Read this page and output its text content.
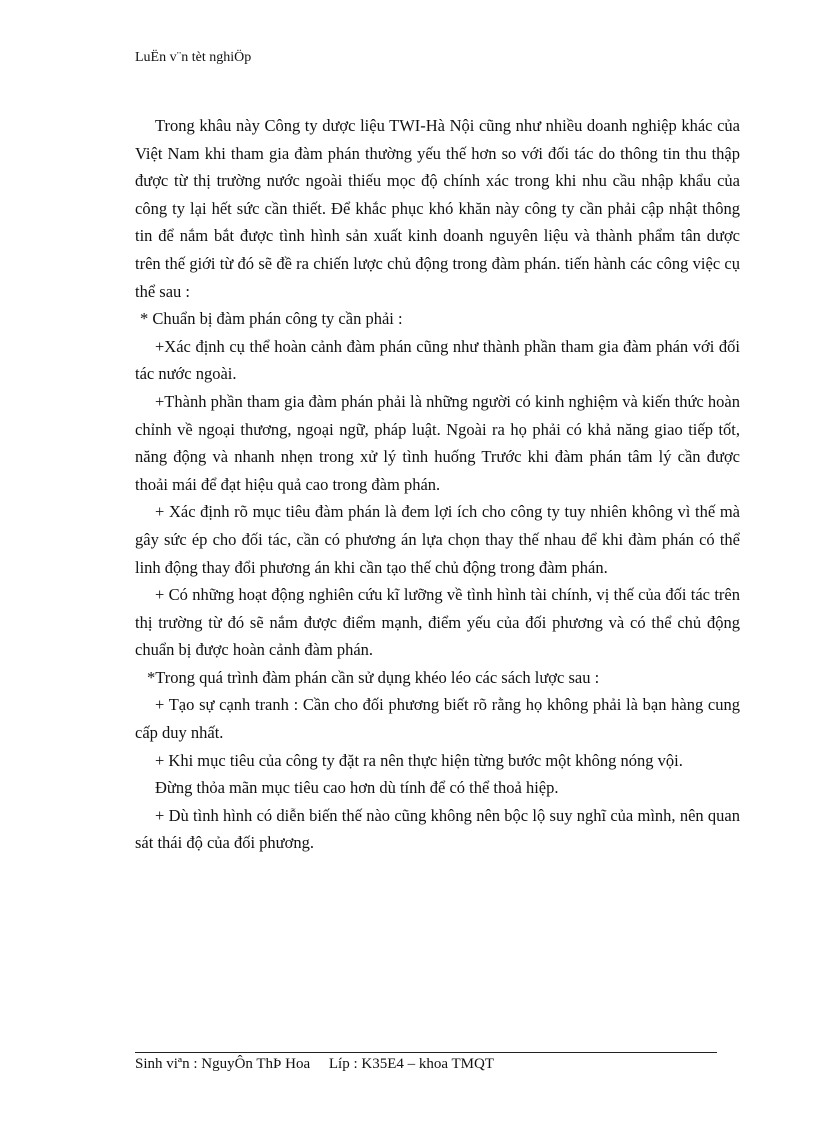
LuËn v¨n tèt nghiÖp

Trong khâu này Công ty dược liệu TWI-Hà Nội cũng như nhiều doanh nghiệp khác của Việt Nam khi tham gia đàm phán thường yếu thế hơn so với đối tác do thông tin thu thập được từ thị trường nước ngoài thiếu mọc độ chính xác trong khi nhu cầu nhập khẩu của công ty lại hết sức cần thiết. Để khắc phục khó khăn này công ty cần phải cập nhật thông tin để nắm bắt được tình hình sản xuất kinh doanh nguyên liệu và thành phẩm tân dược trên thế giới từ đó sẽ đề ra chiến lược chủ động trong đàm phán. tiến hành các công việc cụ thể sau :

* Chuẩn bị đàm phán công ty cần phải :

+Xác định cụ thể hoàn cảnh đàm phán cũng như thành phần tham gia đàm phán với đối tác nước ngoài.

+Thành phần tham gia đàm phán phải là những người có kinh nghiệm và kiến thức hoàn chỉnh về ngoại thương, ngoại ngữ, pháp luật. Ngoài ra họ phải có khả năng giao tiếp tốt, năng động và nhanh nhẹn trong xử lý tình huống Trước khi đàm phán tâm lý cần được thoải mái để đạt hiệu quả cao trong đàm phán.

+ Xác định rõ mục tiêu đàm phán là đem lợi ích cho công ty tuy nhiên không vì thế mà gây sức ép cho đối tác, cần có phương án lựa chọn thay thế nhau để khi đàm phán có thể linh động thay đổi phương án khi cần tạo thế chủ động trong đàm phán.

+ Có những hoạt động nghiên cứu kĩ lưỡng về tình hình tài chính, vị thế của đối tác trên thị trường từ đó sẽ nắm được điểm mạnh, điểm yếu của đối phương và có thể chủ động chuẩn bị được hoàn cảnh đàm phán.

*Trong quá trình đàm phán cần sử dụng khéo léo các sách lược sau :

+ Tạo sự cạnh tranh : Cần cho đối phương biết rõ rằng họ không phải là bạn hàng cung cấp duy nhất.

+ Khi mục tiêu của công ty đặt ra nên thực hiện từng bước một không nóng vội.

Đừng thỏa mãn mục tiêu cao hơn dù tính để có thể thoả hiệp.

+ Dù tình hình có diễn biến thế nào cũng không nên bộc lộ suy nghĩ của mình, nên quan sát thái độ của đối phương.

Sinh viªn : NguyÔn ThÞ Hoa Líp : K35E4 – khoa TMQT
